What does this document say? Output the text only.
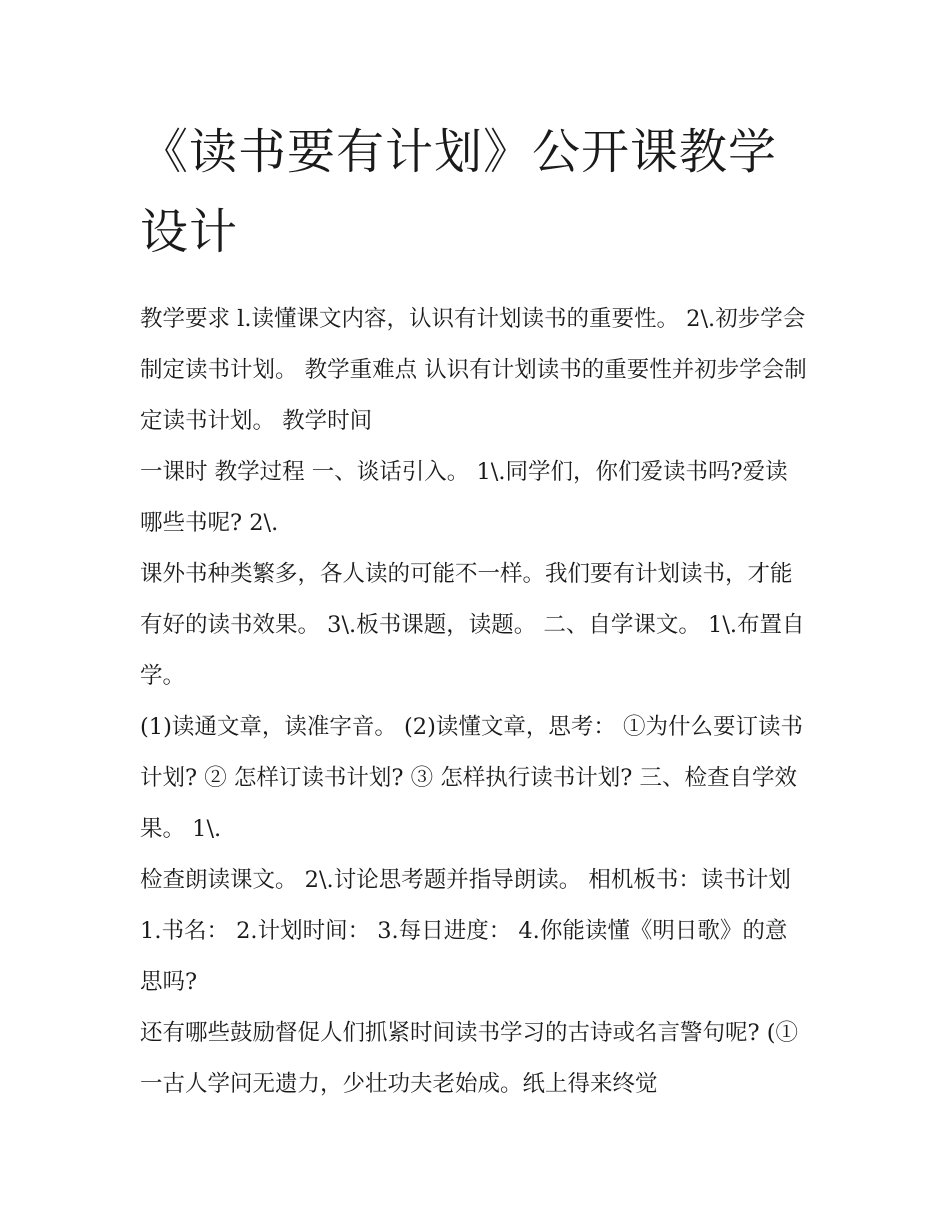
《读书要有计划》公开课教学设计

教学要求 l.读懂课文内容，认识有计划读书的重要性。 2\.初步学会制定读书计划。 教学重难点 认识有计划读书的重要性并初步学会制定读书计划。 教学时间

一课时 教学过程 一、谈话引入。 1\.同学们，你们爱读书吗?爱读哪些书呢? 2\.

课外书种类繁多，各人读的可能不一样。我们要有计划读书，才能有好的读书效果。 3\.板书课题，读题。 二、自学课文。 1\.布置自学。

(1)读通文章，读准字音。 (2)读懂文章，思考： ①为什么要订读书计划? ② 怎样订读书计划? ③ 怎样执行读书计划? 三、检查自学效果。 1\.

检查朗读课文。 2\.讨论思考题并指导朗读。 相机板书：读书计划 1.书名： 2.计划时间： 3.每日进度： 4.你能读懂《明日歌》的意思吗?

还有哪些鼓励督促人们抓紧时间读书学习的古诗或名言警句呢? (① 一古人学问无遗力，少壮功夫老始成。纸上得来终觉
